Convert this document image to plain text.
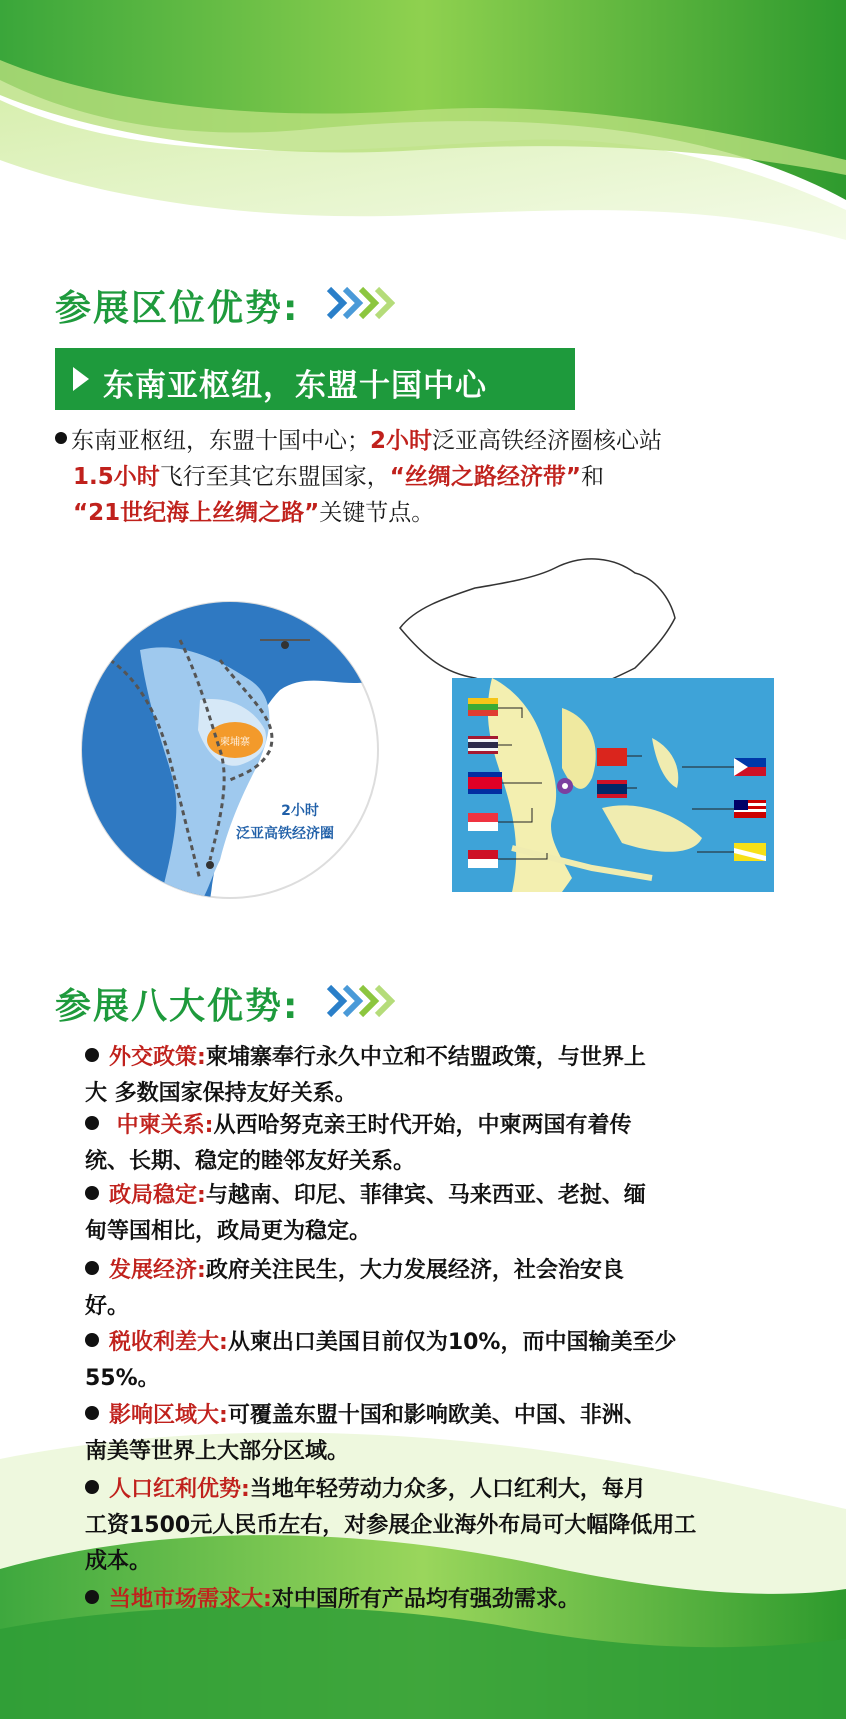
参展区位优势:
东南亚枢纽，东盟十国中心
东南亚枢纽，东盟十国中心；2小时泛亚高铁经济圈核心站
1.5小时飞行至其它东盟国家，“丝绸之路经济带”和
“21世纪海上丝绸之路”关键节点。
柬埔寨
2小时
泛亚高铁经济圈
参展八大优势:
外交政策:柬埔寨奉行永久中立和不结盟政策，与世界上
大 多数国家保持友好关系。
中柬关系:从西哈努克亲王时代开始，中柬两国有着传
统、长期、稳定的睦邻友好关系。
政局稳定:与越南、印尼、菲律宾、马来西亚、老挝、缅
甸等国相比，政局更为稳定。
发展经济:政府关注民生，大力发展经济，社会治安良
好。
税收利差大:从柬出口美国目前仅为10%，而中国输美至少
55%。
影响区域大:可覆盖东盟十国和影响欧美、中国、非洲、
南美等世界上大部分区域。
人口红利优势:当地年轻劳动力众多，人口红利大，每月
工资1500元人民币左右，对参展企业海外布局可大幅降低用工
成本。
当地市场需求大:对中国所有产品均有强劲需求。
